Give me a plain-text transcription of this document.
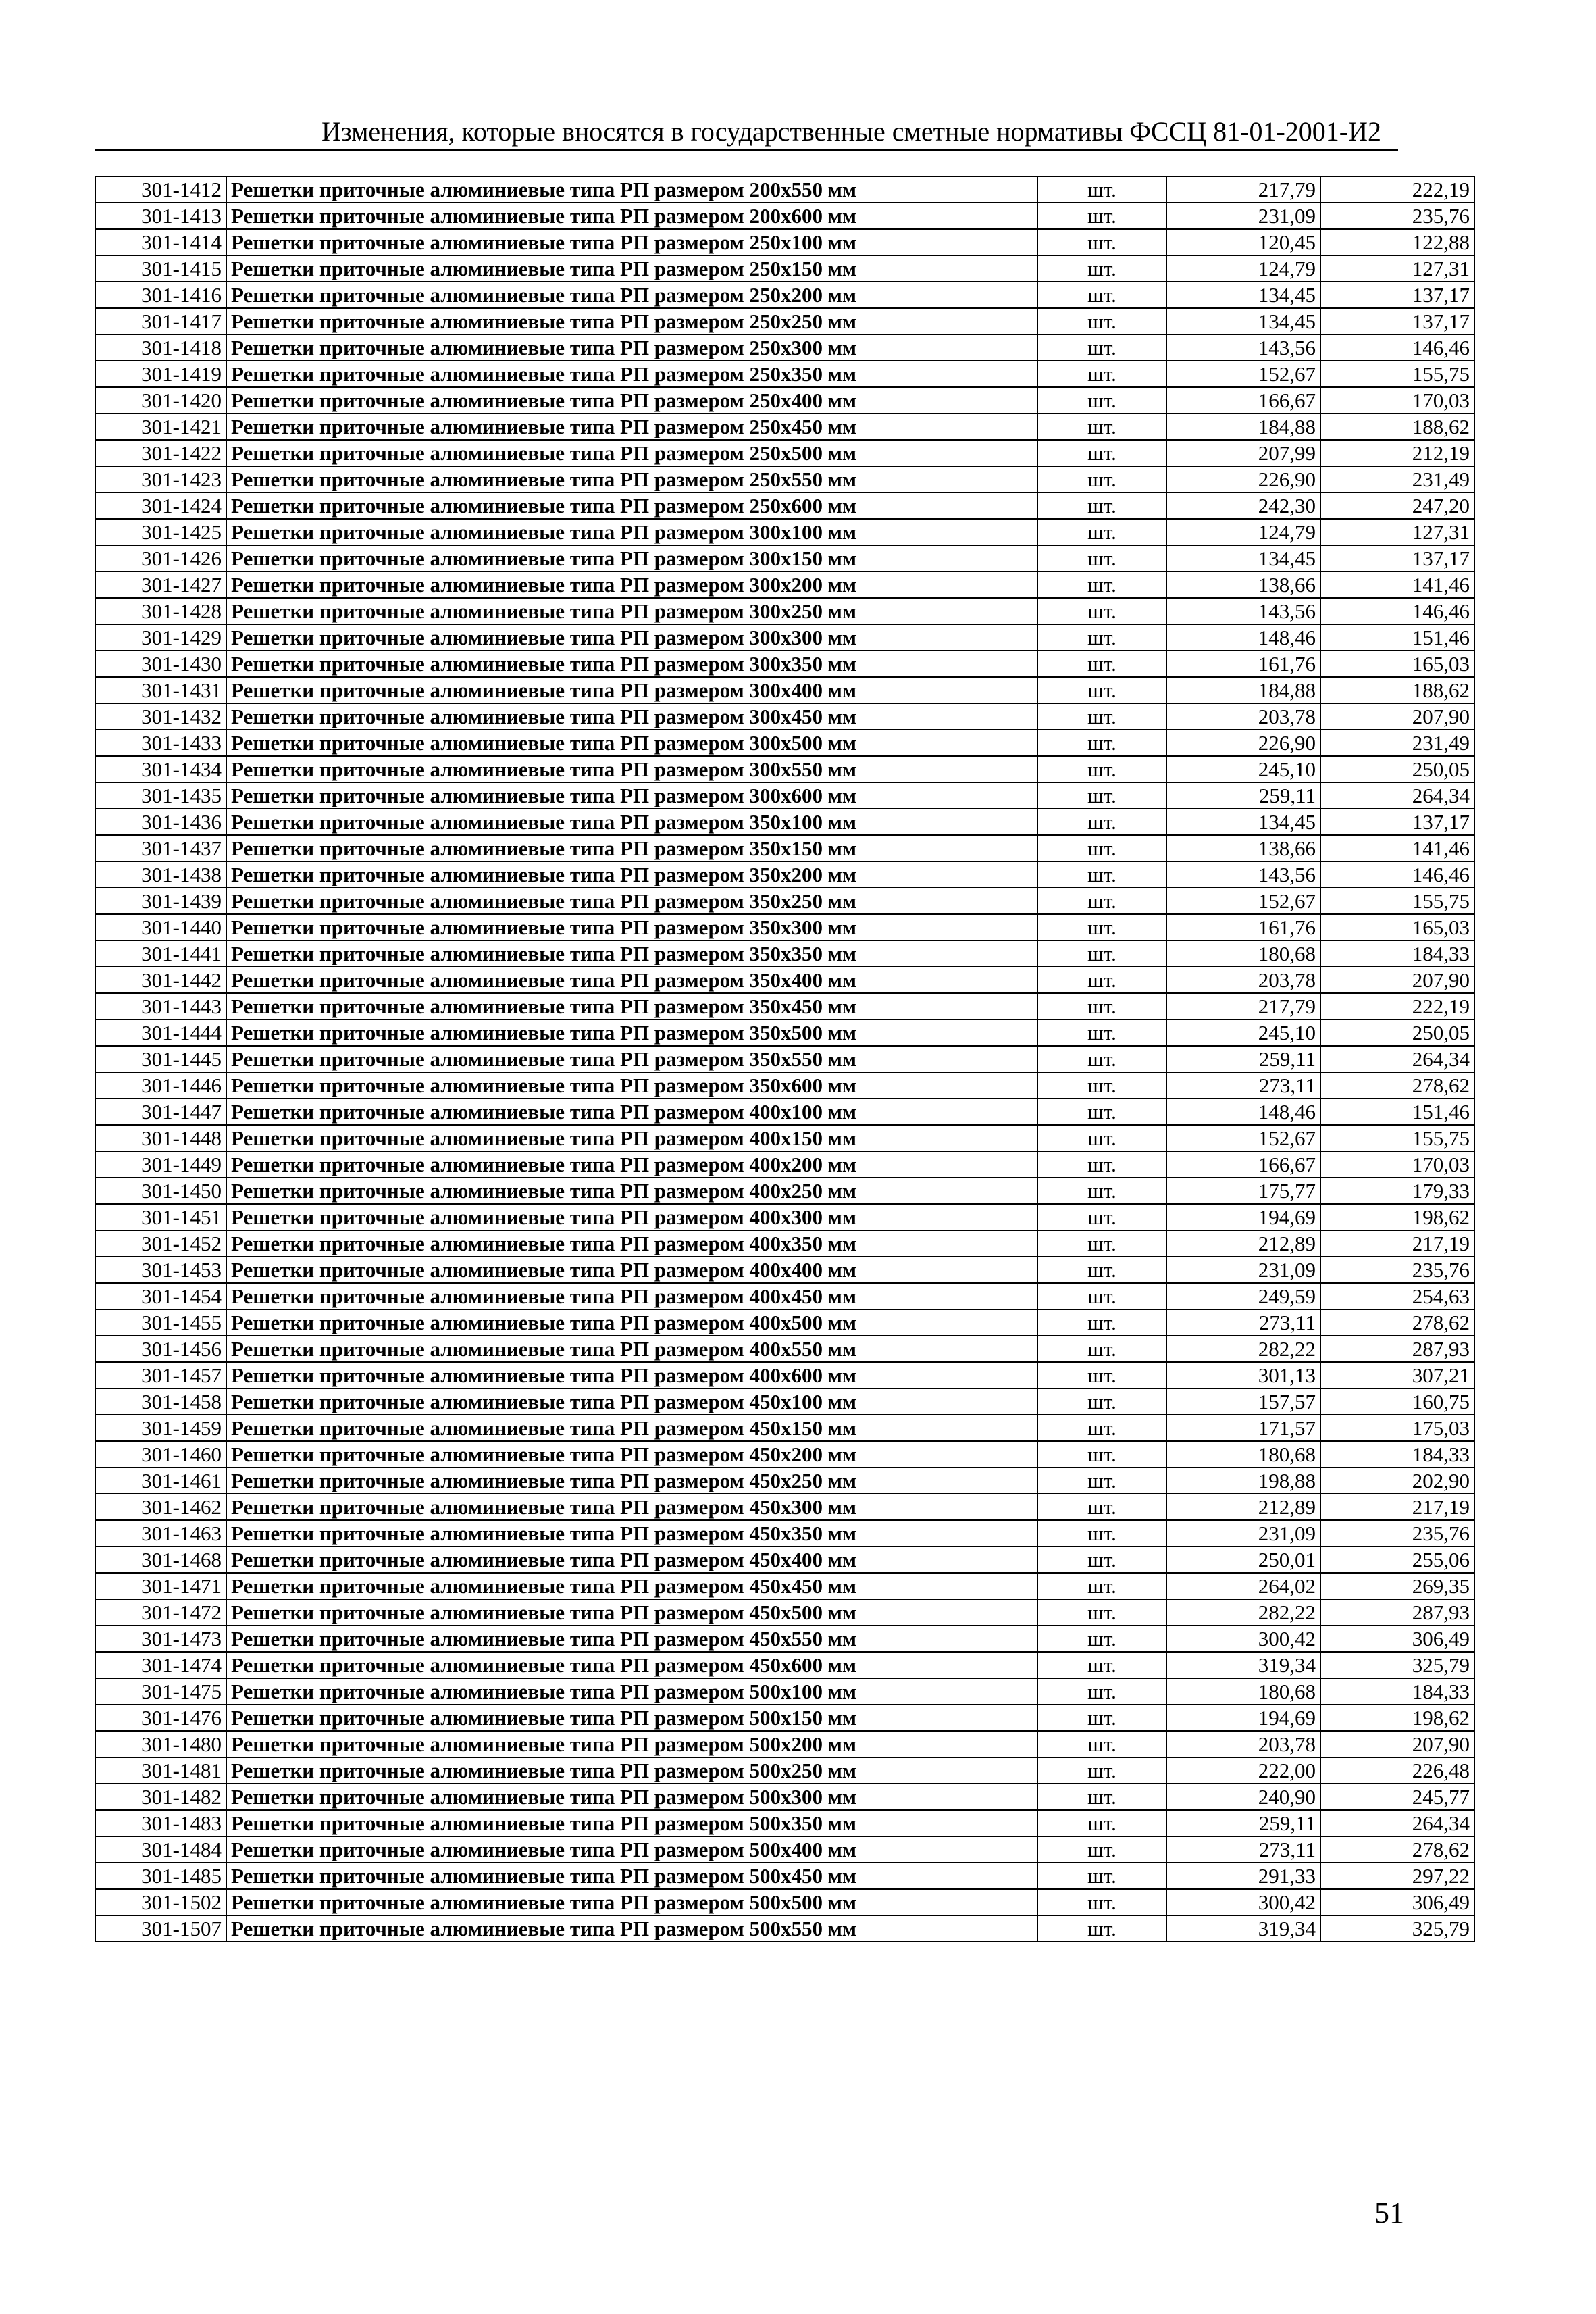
Изменения, которые вносятся в государственные сметные нормативы ФССЦ 81-01-2001-И2
301-1412	Решетки приточные алюминиевые типа РП размером 200х550 мм	шт.	217,79	222,19
301-1413	Решетки приточные алюминиевые типа РП размером 200х600 мм	шт.	231,09	235,76
301-1414	Решетки приточные алюминиевые типа РП размером 250х100 мм	шт.	120,45	122,88
301-1415	Решетки приточные алюминиевые типа РП размером 250х150 мм	шт.	124,79	127,31
301-1416	Решетки приточные алюминиевые типа РП размером 250х200 мм	шт.	134,45	137,17
301-1417	Решетки приточные алюминиевые типа РП размером 250х250 мм	шт.	134,45	137,17
301-1418	Решетки приточные алюминиевые типа РП размером 250х300 мм	шт.	143,56	146,46
301-1419	Решетки приточные алюминиевые типа РП размером 250х350 мм	шт.	152,67	155,75
301-1420	Решетки приточные алюминиевые типа РП размером 250х400 мм	шт.	166,67	170,03
301-1421	Решетки приточные алюминиевые типа РП размером 250х450 мм	шт.	184,88	188,62
301-1422	Решетки приточные алюминиевые типа РП размером 250х500 мм	шт.	207,99	212,19
301-1423	Решетки приточные алюминиевые типа РП размером 250х550 мм	шт.	226,90	231,49
301-1424	Решетки приточные алюминиевые типа РП размером 250х600 мм	шт.	242,30	247,20
301-1425	Решетки приточные алюминиевые типа РП размером 300х100 мм	шт.	124,79	127,31
301-1426	Решетки приточные алюминиевые типа РП размером 300х150 мм	шт.	134,45	137,17
301-1427	Решетки приточные алюминиевые типа РП размером 300х200 мм	шт.	138,66	141,46
301-1428	Решетки приточные алюминиевые типа РП размером 300х250 мм	шт.	143,56	146,46
301-1429	Решетки приточные алюминиевые типа РП размером 300х300 мм	шт.	148,46	151,46
301-1430	Решетки приточные алюминиевые типа РП размером 300х350 мм	шт.	161,76	165,03
301-1431	Решетки приточные алюминиевые типа РП размером 300х400 мм	шт.	184,88	188,62
301-1432	Решетки приточные алюминиевые типа РП размером 300х450 мм	шт.	203,78	207,90
301-1433	Решетки приточные алюминиевые типа РП размером 300х500 мм	шт.	226,90	231,49
301-1434	Решетки приточные алюминиевые типа РП размером 300х550 мм	шт.	245,10	250,05
301-1435	Решетки приточные алюминиевые типа РП размером 300х600 мм	шт.	259,11	264,34
301-1436	Решетки приточные алюминиевые типа РП размером 350х100 мм	шт.	134,45	137,17
301-1437	Решетки приточные алюминиевые типа РП размером 350х150 мм	шт.	138,66	141,46
301-1438	Решетки приточные алюминиевые типа РП размером 350х200 мм	шт.	143,56	146,46
301-1439	Решетки приточные алюминиевые типа РП размером 350х250 мм	шт.	152,67	155,75
301-1440	Решетки приточные алюминиевые типа РП размером 350х300 мм	шт.	161,76	165,03
301-1441	Решетки приточные алюминиевые типа РП размером 350х350 мм	шт.	180,68	184,33
301-1442	Решетки приточные алюминиевые типа РП размером 350х400 мм	шт.	203,78	207,90
301-1443	Решетки приточные алюминиевые типа РП размером 350х450 мм	шт.	217,79	222,19
301-1444	Решетки приточные алюминиевые типа РП размером 350х500 мм	шт.	245,10	250,05
301-1445	Решетки приточные алюминиевые типа РП размером 350х550 мм	шт.	259,11	264,34
301-1446	Решетки приточные алюминиевые типа РП размером 350х600 мм	шт.	273,11	278,62
301-1447	Решетки приточные алюминиевые типа РП размером 400х100 мм	шт.	148,46	151,46
301-1448	Решетки приточные алюминиевые типа РП размером 400х150 мм	шт.	152,67	155,75
301-1449	Решетки приточные алюминиевые типа РП размером 400х200 мм	шт.	166,67	170,03
301-1450	Решетки приточные алюминиевые типа РП размером 400х250 мм	шт.	175,77	179,33
301-1451	Решетки приточные алюминиевые типа РП размером 400х300 мм	шт.	194,69	198,62
301-1452	Решетки приточные алюминиевые типа РП размером 400х350 мм	шт.	212,89	217,19
301-1453	Решетки приточные алюминиевые типа РП размером 400х400 мм	шт.	231,09	235,76
301-1454	Решетки приточные алюминиевые типа РП размером 400х450 мм	шт.	249,59	254,63
301-1455	Решетки приточные алюминиевые типа РП размером 400х500 мм	шт.	273,11	278,62
301-1456	Решетки приточные алюминиевые типа РП размером 400х550 мм	шт.	282,22	287,93
301-1457	Решетки приточные алюминиевые типа РП размером 400х600 мм	шт.	301,13	307,21
301-1458	Решетки приточные алюминиевые типа РП размером 450х100 мм	шт.	157,57	160,75
301-1459	Решетки приточные алюминиевые типа РП размером 450х150 мм	шт.	171,57	175,03
301-1460	Решетки приточные алюминиевые типа РП размером 450х200 мм	шт.	180,68	184,33
301-1461	Решетки приточные алюминиевые типа РП размером 450х250 мм	шт.	198,88	202,90
301-1462	Решетки приточные алюминиевые типа РП размером 450х300 мм	шт.	212,89	217,19
301-1463	Решетки приточные алюминиевые типа РП размером 450х350 мм	шт.	231,09	235,76
301-1468	Решетки приточные алюминиевые типа РП размером 450х400 мм	шт.	250,01	255,06
301-1471	Решетки приточные алюминиевые типа РП размером 450х450 мм	шт.	264,02	269,35
301-1472	Решетки приточные алюминиевые типа РП размером 450х500 мм	шт.	282,22	287,93
301-1473	Решетки приточные алюминиевые типа РП размером 450х550 мм	шт.	300,42	306,49
301-1474	Решетки приточные алюминиевые типа РП размером 450х600 мм	шт.	319,34	325,79
301-1475	Решетки приточные алюминиевые типа РП размером 500х100 мм	шт.	180,68	184,33
301-1476	Решетки приточные алюминиевые типа РП размером 500х150 мм	шт.	194,69	198,62
301-1480	Решетки приточные алюминиевые типа РП размером 500х200 мм	шт.	203,78	207,90
301-1481	Решетки приточные алюминиевые типа РП размером 500х250 мм	шт.	222,00	226,48
301-1482	Решетки приточные алюминиевые типа РП размером 500х300 мм	шт.	240,90	245,77
301-1483	Решетки приточные алюминиевые типа РП размером 500х350 мм	шт.	259,11	264,34
301-1484	Решетки приточные алюминиевые типа РП размером 500х400 мм	шт.	273,11	278,62
301-1485	Решетки приточные алюминиевые типа РП размером 500х450 мм	шт.	291,33	297,22
301-1502	Решетки приточные алюминиевые типа РП размером 500х500 мм	шт.	300,42	306,49
301-1507	Решетки приточные алюминиевые типа РП размером 500х550 мм	шт.	319,34	325,79
51
